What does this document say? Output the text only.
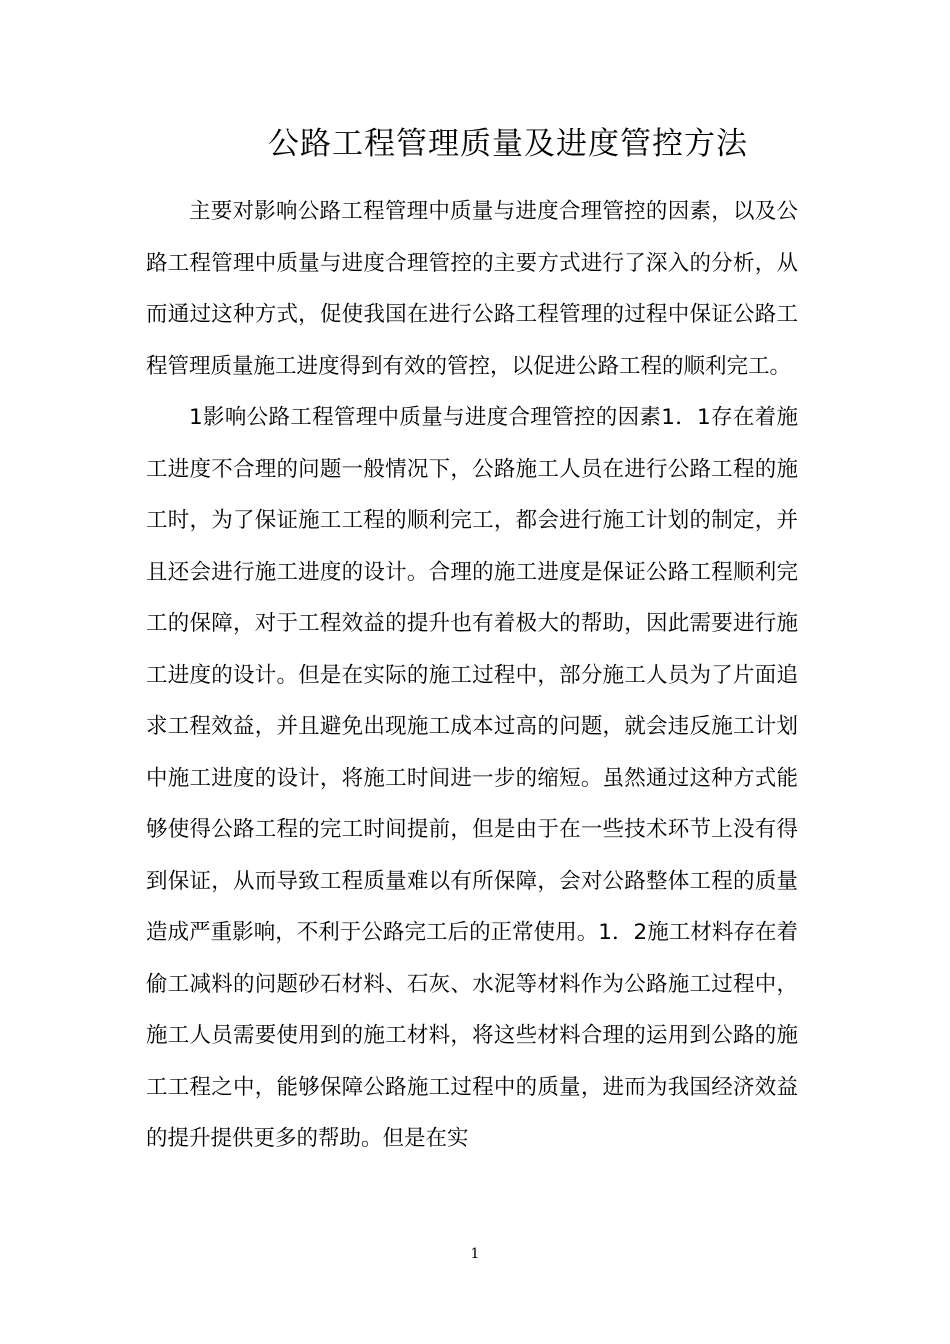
公路工程管理质量及进度管控方法

主要对影响公路工程管理中质量与进度合理管控的因素，以及公路工程管理中质量与进度合理管控的主要方式进行了深入的分析，从而通过这种方式，促使我国在进行公路工程管理的过程中保证公路工程管理质量施工进度得到有效的管控，以促进公路工程的顺利完工。

1影响公路工程管理中质量与进度合理管控的因素1．1存在着施工进度不合理的问题一般情况下，公路施工人员在进行公路工程的施工时，为了保证施工工程的顺利完工，都会进行施工计划的制定，并且还会进行施工进度的设计。合理的施工进度是保证公路工程顺利完工的保障，对于工程效益的提升也有着极大的帮助，因此需要进行施工进度的设计。但是在实际的施工过程中，部分施工人员为了片面追求工程效益，并且避免出现施工成本过高的问题，就会违反施工计划中施工进度的设计，将施工时间进一步的缩短。虽然通过这种方式能够使得公路工程的完工时间提前，但是由于在一些技术环节上没有得到保证，从而导致工程质量难以有所保障，会对公路整体工程的质量造成严重影响，不利于公路完工后的正常使用。1．2施工材料存在着偷工减料的问题砂石材料、石灰、水泥等材料作为公路施工过程中，施工人员需要使用到的施工材料，将这些材料合理的运用到公路的施工工程之中，能够保障公路施工过程中的质量，进而为我国经济效益的提升提供更多的帮助。但是在实

1
